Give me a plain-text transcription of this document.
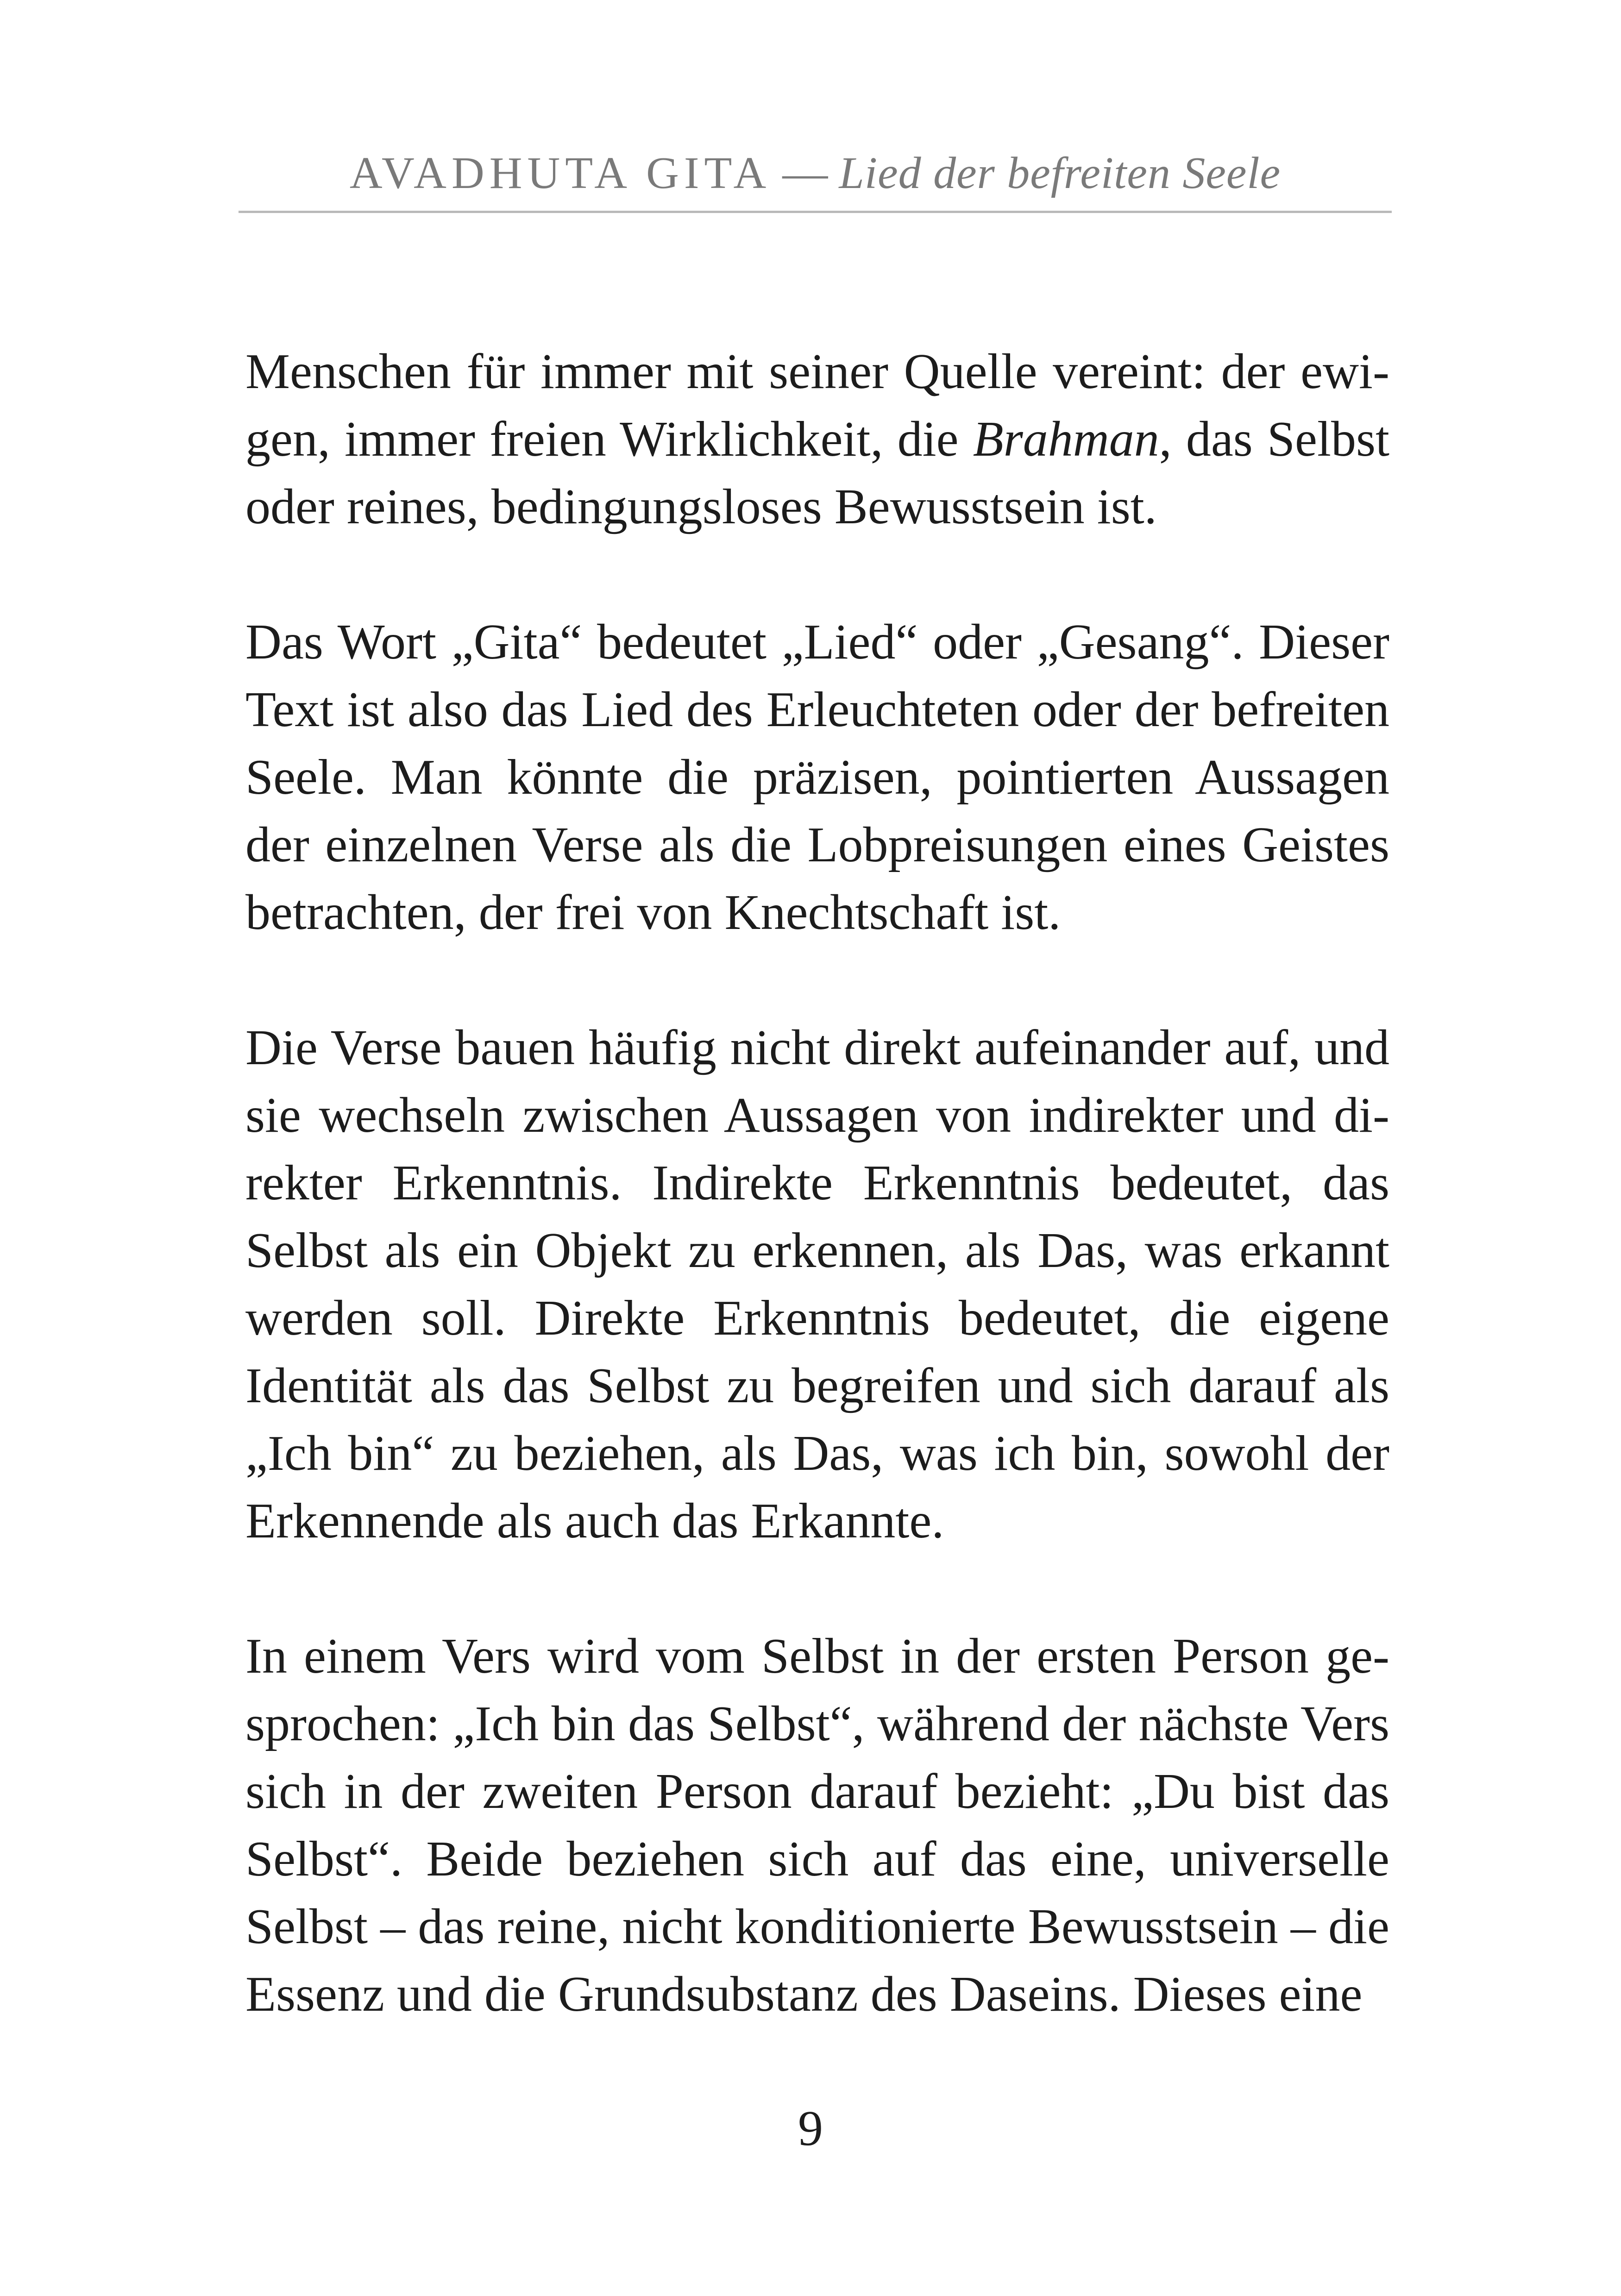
AVADHUTA GITA — Lied der befreiten Seele

Menschen für immer mit seiner Quelle vereint: der ewi-
gen, immer freien Wirklichkeit, die Brahman, das Selbst
oder reines, bedingungsloses Bewusstsein ist.

Das Wort „Gita“ bedeutet „Lied“ oder „Gesang“. Dieser
Text ist also das Lied des Erleuchteten oder der befreiten
Seele. Man könnte die präzisen, pointierten Aussagen
der einzelnen Verse als die Lobpreisungen eines Geistes
betrachten, der frei von Knechtschaft ist.

Die Verse bauen häufig nicht direkt aufeinander auf, und
sie wechseln zwischen Aussagen von indirekter und di-
rekter Erkenntnis. Indirekte Erkenntnis bedeutet, das
Selbst als ein Objekt zu erkennen, als Das, was erkannt
werden soll. Direkte Erkenntnis bedeutet, die eigene
Identität als das Selbst zu begreifen und sich darauf als
„Ich bin“ zu beziehen, als Das, was ich bin, sowohl der
Erkennende als auch das Erkannte.

In einem Vers wird vom Selbst in der ersten Person ge-
sprochen: „Ich bin das Selbst“, während der nächste Vers
sich in der zweiten Person darauf bezieht: „Du bist das
Selbst“. Beide beziehen sich auf das eine, universelle
Selbst – das reine, nicht konditionierte Bewusstsein – die
Essenz und die Grundsubstanz des Daseins. Dieses eine

9
